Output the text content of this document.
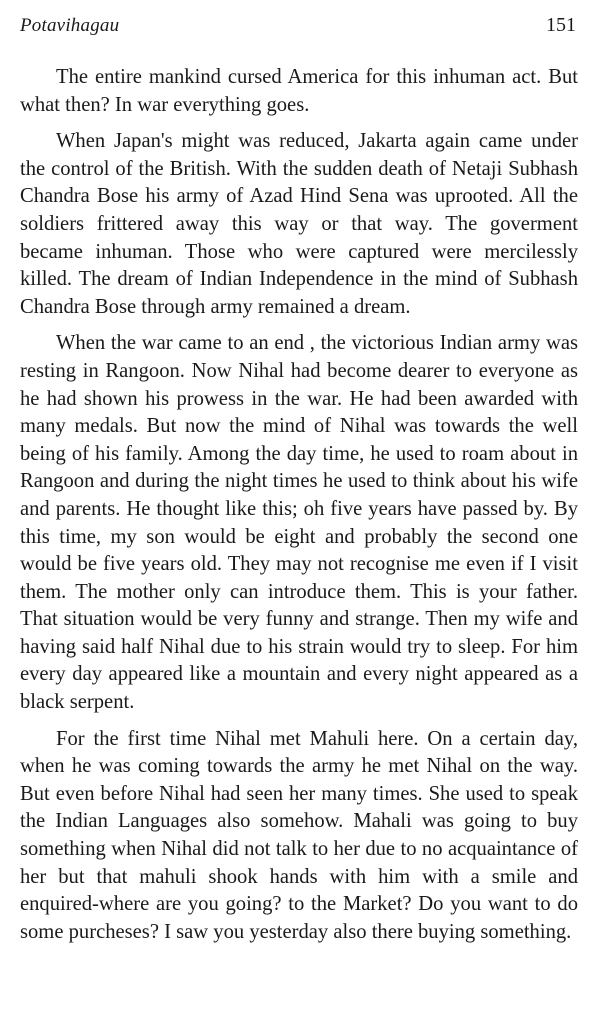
Potavihagau	151

The entire mankind cursed America for this inhuman act. But what then? In war everything goes.

When Japan's might was reduced, Jakarta again came under the control of the British. With the sudden death of Netaji Subhash Chandra Bose his army of Azad Hind Sena was uprooted. All the soldiers frittered away this way or that way. The goverment became inhuman. Those who were captured were mercilessly killed. The dream of Indian Independence in the mind of Subhash Chandra Bose through army remained a dream.

When the war came to an end , the victorious Indian army was resting in Rangoon. Now Nihal had become dearer to everyone as he had shown his prowess in the war. He had been awarded with many medals. But now the mind of Nihal was towards the well being of his family. Among the day time, he used to roam about in Rangoon and during the night times he used to think about his wife and parents. He thought like this; oh five years have passed by. By this time, my son would be eight and probably the second one would be five years old. They may not recognise me even if I visit them. The mother only can introduce them. This is your father. That situation would be very funny and strange. Then my wife and having said half Nihal due to his strain would try to sleep. For him every day appeared like a mountain and every night appeared as a black serpent.

For the first time Nihal met Mahuli here. On a certain day, when he was coming towards the army he met Nihal on the way. But even before Nihal had seen her many times. She used to speak the Indian Languages also somehow. Mahali was going to buy something when Nihal did not talk to her due to no acquaintance of her but that mahuli shook hands with him with a smile and enquired-where are you going? to the Market? Do you want to do some purcheses? I saw you yesterday also there buying something.
